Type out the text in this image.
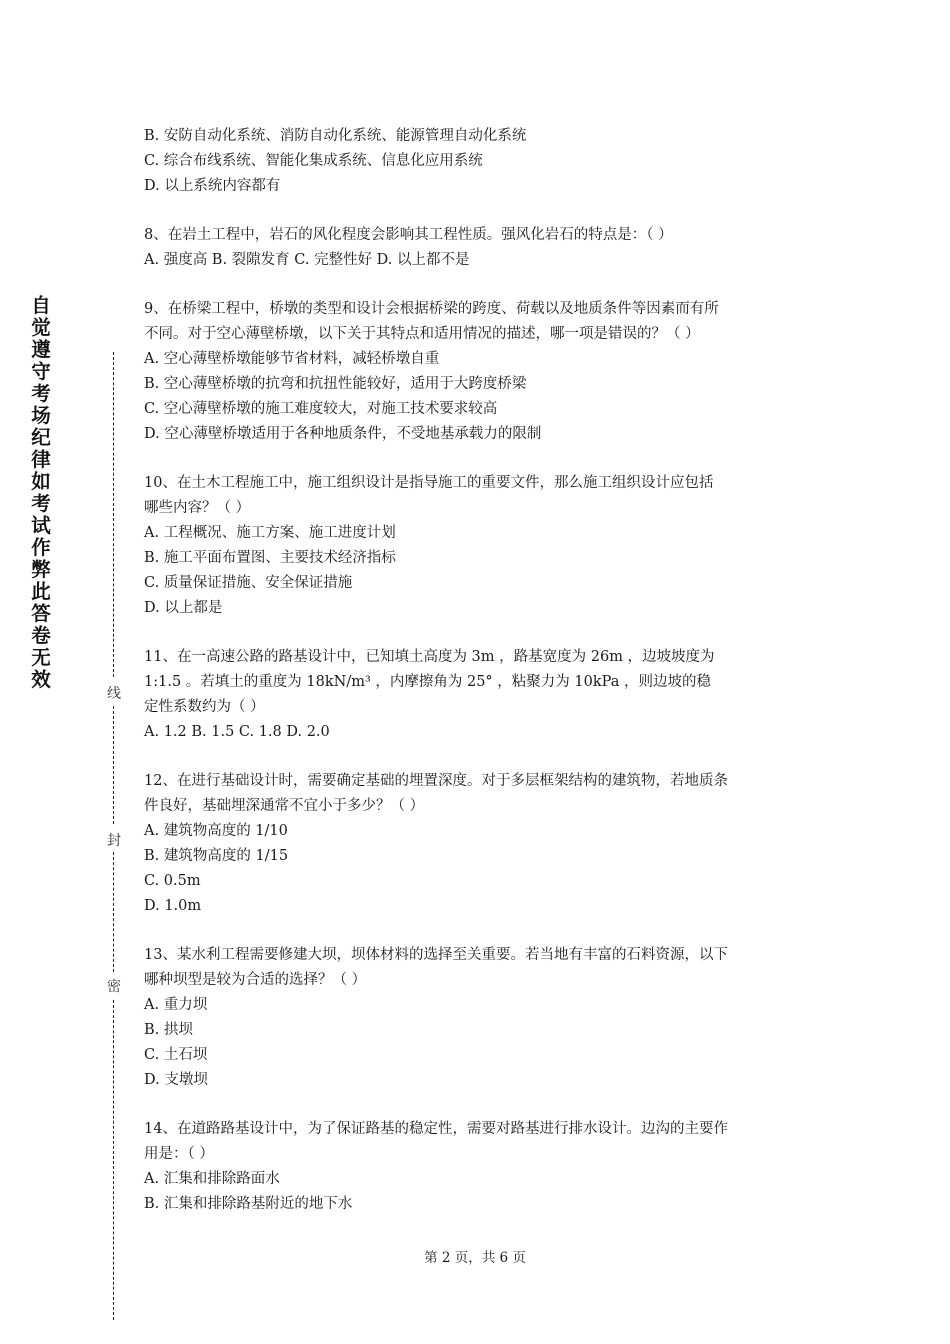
自
觉
遵
守
考
场
纪
律
如
考
试
作
弊
此
答
卷
无
效
线
封
密
B. 安防自动化系统、消防自动化系统、能源管理自动化系统
C. 综合布线系统、智能化集成系统、信息化应用系统
D. 以上系统内容都有
8、在岩土工程中，岩石的风化程度会影响其工程性质。强风化岩石的特点是：（ ）
A. 强度高 B. 裂隙发育 C. 完整性好 D. 以上都不是
9、在桥梁工程中，桥墩的类型和设计会根据桥梁的跨度、荷载以及地质条件等因素而有所
不同。对于空心薄壁桥墩，以下关于其特点和适用情况的描述，哪一项是错误的？（ ）
A. 空心薄壁桥墩能够节省材料，减轻桥墩自重
B. 空心薄壁桥墩的抗弯和抗扭性能较好，适用于大跨度桥梁
C. 空心薄壁桥墩的施工难度较大，对施工技术要求较高
D. 空心薄壁桥墩适用于各种地质条件，不受地基承载力的限制
10、在土木工程施工中，施工组织设计是指导施工的重要文件，那么施工组织设计应包括
哪些内容？（ ）
A. 工程概况、施工方案、施工进度计划
B. 施工平面布置图、主要技术经济指标
C. 质量保证措施、安全保证措施
D. 以上都是
11、在一高速公路的路基设计中，已知填土高度为 3m ，路基宽度为 26m ，边坡坡度为
1:1.5 。若填土的重度为 18kN/m³ ，内摩擦角为 25° ，粘聚力为 10kPa ，则边坡的稳
定性系数约为（ ）
A. 1.2 B. 1.5 C. 1.8 D. 2.0
12、在进行基础设计时，需要确定基础的埋置深度。对于多层框架结构的建筑物，若地质条
件良好，基础埋深通常不宜小于多少？（ ）
A. 建筑物高度的 1/10
B. 建筑物高度的 1/15
C. 0.5m
D. 1.0m
13、某水利工程需要修建大坝，坝体材料的选择至关重要。若当地有丰富的石料资源，以下
哪种坝型是较为合适的选择？（ ）
A. 重力坝
B. 拱坝
C. 土石坝
D. 支墩坝
14、在道路路基设计中，为了保证路基的稳定性，需要对路基进行排水设计。边沟的主要作
用是：（ ）
A. 汇集和排除路面水
B. 汇集和排除路基附近的地下水
第 2 页，共 6 页
